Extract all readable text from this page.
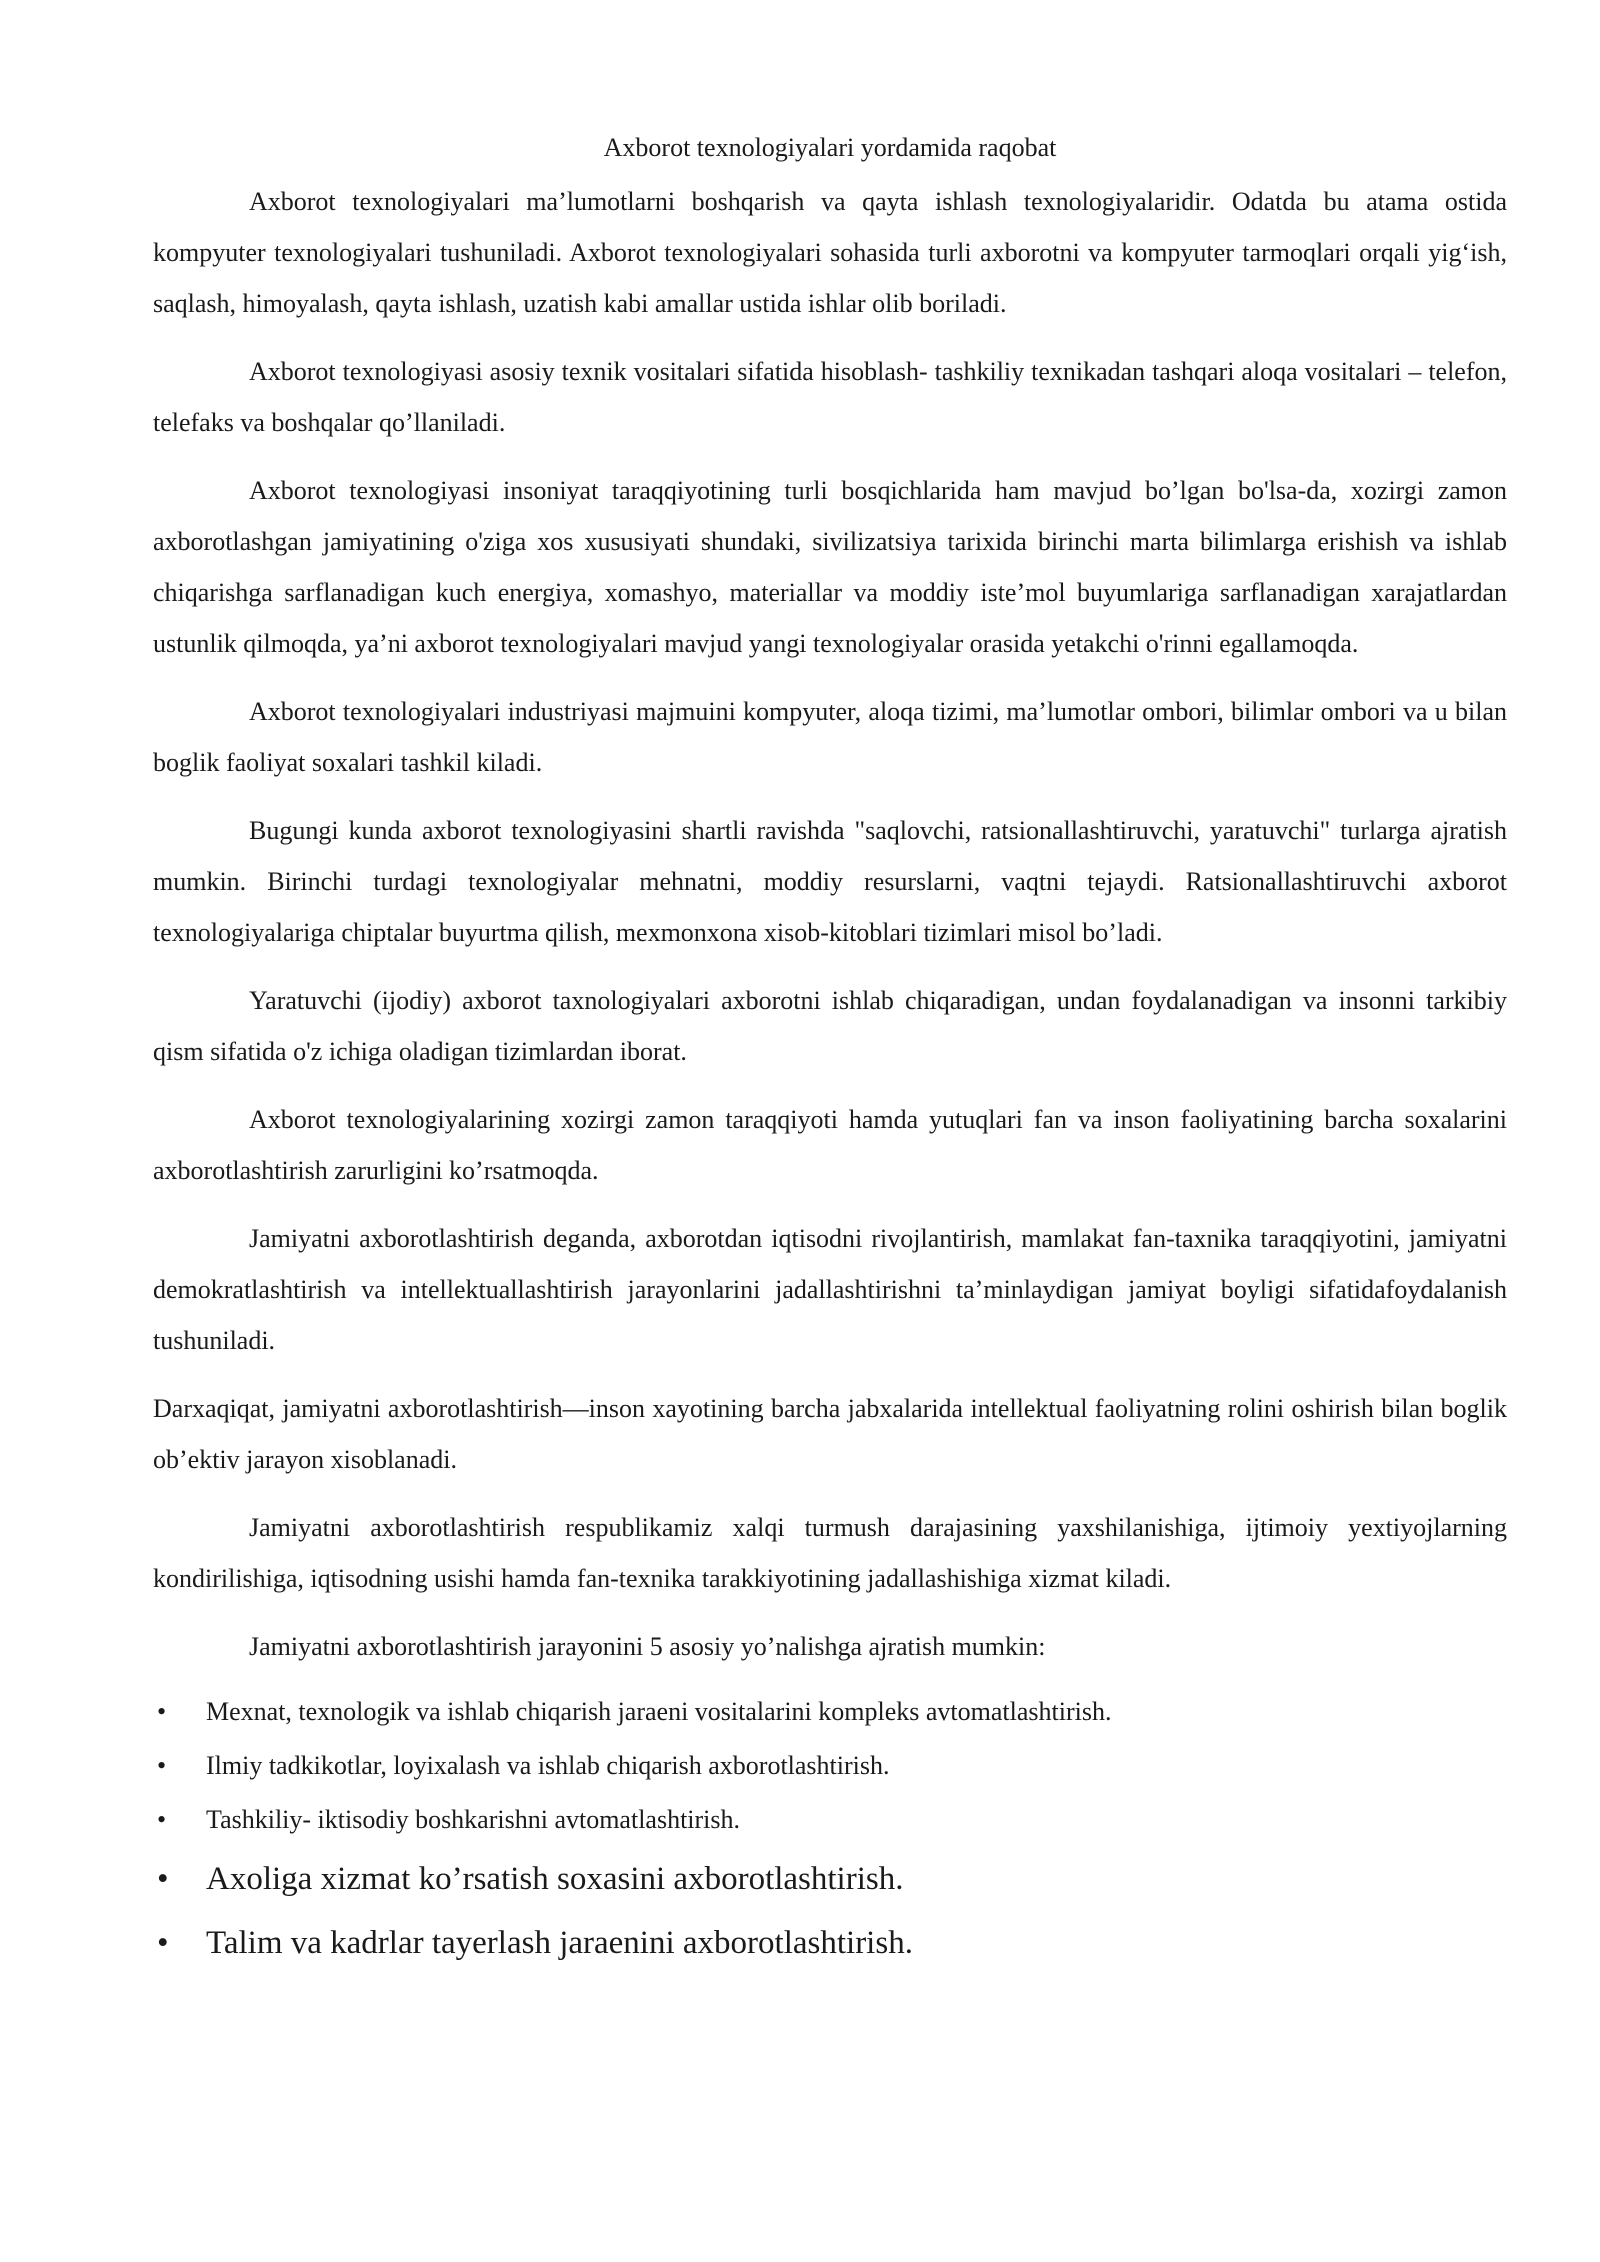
Axborot texnologiyalari yordamida raqobat

Axborot texnologiyalari ma’lumotlarni boshqarish va qayta ishlash texnologiyalaridir. Odatda bu atama ostida kompyuter texnologiyalari tushuniladi. Axborot texnologiyalari sohasida turli axborotni va kompyuter tarmoqlari orqali yig‘ish, saqlash, himoyalash, qayta ishlash, uzatish kabi amallar ustida ishlar olib boriladi.

Axborot texnologiyasi asosiy texnik vositalari sifatida hisoblash- tashkiliy texnikadan tashqari aloqa vositalari – telefon, telefaks va boshqalar qo’llaniladi.

Axborot texnologiyasi insoniyat taraqqiyotining turli bosqichlarida ham mavjud bo’lgan bo'lsa-da, xozirgi zamon axborotlashgan jamiyatining o'ziga xos xususiyati shundaki, sivilizatsiya tarixida birinchi marta bilimlarga erishish va ishlab chiqarishga sarflanadigan kuch energiya, xomashyo, materiallar va moddiy iste’mol buyumlariga sarflanadigan xarajatlardan ustunlik qilmoqda, ya’ni axborot texnologiyalari mavjud yangi texnologiyalar orasida yetakchi o'rinni egallamoqda.

Axborot texnologiyalari industriyasi majmuini kompyuter, aloqa tizimi, ma’lumotlar ombori, bilimlar ombori va u bilan boglik faoliyat soxalari tashkil kiladi.

Bugungi kunda axborot texnologiyasini shartli ravishda "saqlovchi, ratsionallashtiruvchi, yaratuvchi" turlarga ajratish mumkin. Birinchi turdagi texnologiyalar mehnatni, moddiy resurslarni, vaqtni tejaydi. Ratsionallashtiruvchi axborot texnologiyalariga chiptalar buyurtma qilish, mexmonxona xisob-kitoblari tizimlari misol bo’ladi.

Yaratuvchi (ijodiy) axborot taxnologiyalari axborotni ishlab chiqaradigan, undan foydalanadigan va insonni tarkibiy qism sifatida o'z ichiga oladigan tizimlardan iborat.

Axborot texnologiyalarining xozirgi zamon taraqqiyoti hamda yutuqlari fan va inson faoliyatining barcha soxalarini axborotlashtirish zarurligini ko’rsatmoqda.

Jamiyatni axborotlashtirish deganda, axborotdan iqtisodni rivojlantirish, mamlakat fan-taxnika taraqqiyotini, jamiyatni demokratlashtirish va intellektuallashtirish jarayonlarini jadallashtirishni ta’minlaydigan jamiyat boyligi sifatidafoydalanish tushuniladi.

Darxaqiqat, jamiyatni axborotlashtirish—inson xayotining barcha jabxalarida intellektual faoliyatning rolini oshirish bilan boglik ob’ektiv jarayon xisoblanadi.

Jamiyatni axborotlashtirish respublikamiz xalqi turmush darajasining yaxshilanishiga, ijtimoiy yextiyojlarning kondirilishiga, iqtisodning usishi hamda fan-texnika tarakkiyotining jadallashishiga xizmat kiladi.

Jamiyatni axborotlashtirish jarayonini 5 asosiy yo’nalishga ajratish mumkin:

• Mexnat, texnologik va ishlab chiqarish jaraeni vositalarini kompleks avtomatlashtirish.
• Ilmiy tadkikotlar, loyixalash va ishlab chiqarish axborotlashtirish.
• Tashkiliy- iktisodiy boshkarishni avtomatlashtirish.
• Axoliga xizmat ko’rsatish soxasini axborotlashtirish.
• Talim va kadrlar tayerlash jaraenini axborotlashtirish.
